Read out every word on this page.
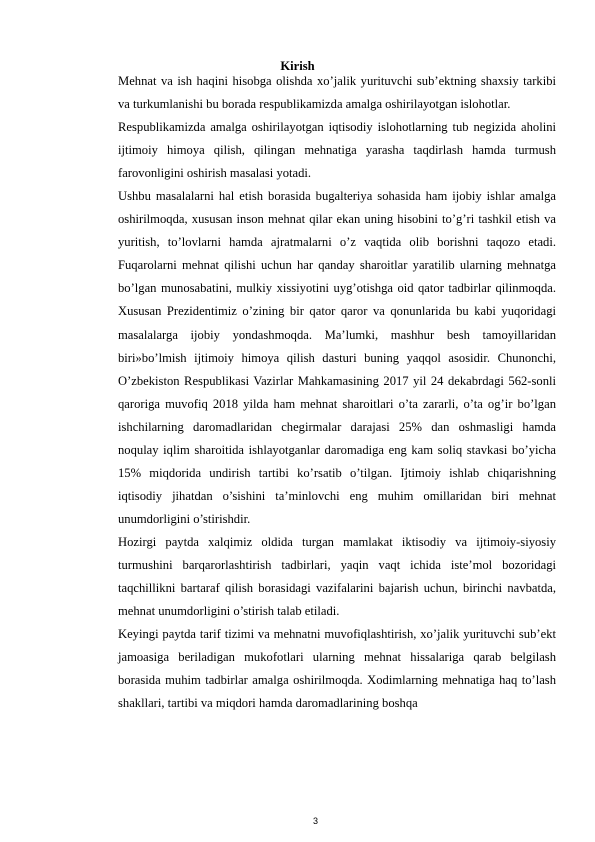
Kirish

Mehnat va ish haqini hisobga olishda xo’jalik yurituvchi sub’ektning shaxsiy tarkibi va turkumlanishi bu borada respublikamizda amalga oshirilayotgan islohotlar.

Respublikamizda amalga oshirilayotgan iqtisodiy islohotlarning tub negizida aholini ijtimoiy himoya qilish, qilingan mehnatiga yarasha taqdirlash hamda turmush farovonligini oshirish masalasi yotadi.

Ushbu masalalarni hal etish borasida bugalteriya sohasida ham ijobiy ishlar amalga oshirilmoqda, xususan inson mehnat qilar ekan uning hisobini to’g’ri tashkil etish va yuritish, to’lovlarni hamda ajratmalarni o’z vaqtida olib borishni taqozo etadi. Fuqarolarni mehnat qilishi uchun har qanday sharoitlar yaratilib ularning mehnatga bo’lgan munosabatini, mulkiy xissiyotini uyg’otishga oid qator tadbirlar qilinmoqda. Xususan Prezidentimiz o’zining bir qator qaror va qonunlarida bu kabi yuqoridagi masalalarga ijobiy yondashmoqda. Ma’lumki, mashhur besh tamoyillaridan biri»bo’lmish ijtimoiy himoya qilish dasturi buning yaqqol asosidir. Chunonchi, O’zbekiston Respublikasi Vazirlar Mahkamasining 2017 yil 24 dekabrdagi 562-sonli qaroriga muvofiq 2018 yilda ham mehnat sharoitlari o’ta zararli, o’ta og’ir bo’lgan ishchilarning daromadlaridan chegirmalar darajasi 25% dan oshmasligi hamda noqulay iqlim sharoitida ishlayotganlar daromadiga eng kam soliq stavkasi bo’yicha 15% miqdorida undirish tartibi ko’rsatib o’tilgan. Ijtimoiy ishlab chiqarishning iqtisodiy jihatdan o’sishini ta’minlovchi eng muhim omillaridan biri mehnat unumdorligini o’stirishdir.

Hozirgi paytda xalqimiz oldida turgan mamlakat iktisodiy va ijtimoiy-siyosiy turmushini barqarorlashtirish tadbirlari, yaqin vaqt ichida iste’mol bozoridagi taqchillikni bartaraf qilish borasidagi vazifalarini bajarish uchun, birinchi navbatda, mehnat unumdorligini o’stirish talab etiladi.

Keyingi paytda tarif tizimi va mehnatni muvofiqlashtirish, xo’jalik yurituvchi sub’ekt jamoasiga beriladigan mukofotlari ularning mehnat hissalariga qarab belgilash borasida muhim tadbirlar amalga oshirilmoqda. Xodimlarning mehnatiga haq to’lash shakllari, tartibi va miqdori hamda daromadlarining boshqa

3
